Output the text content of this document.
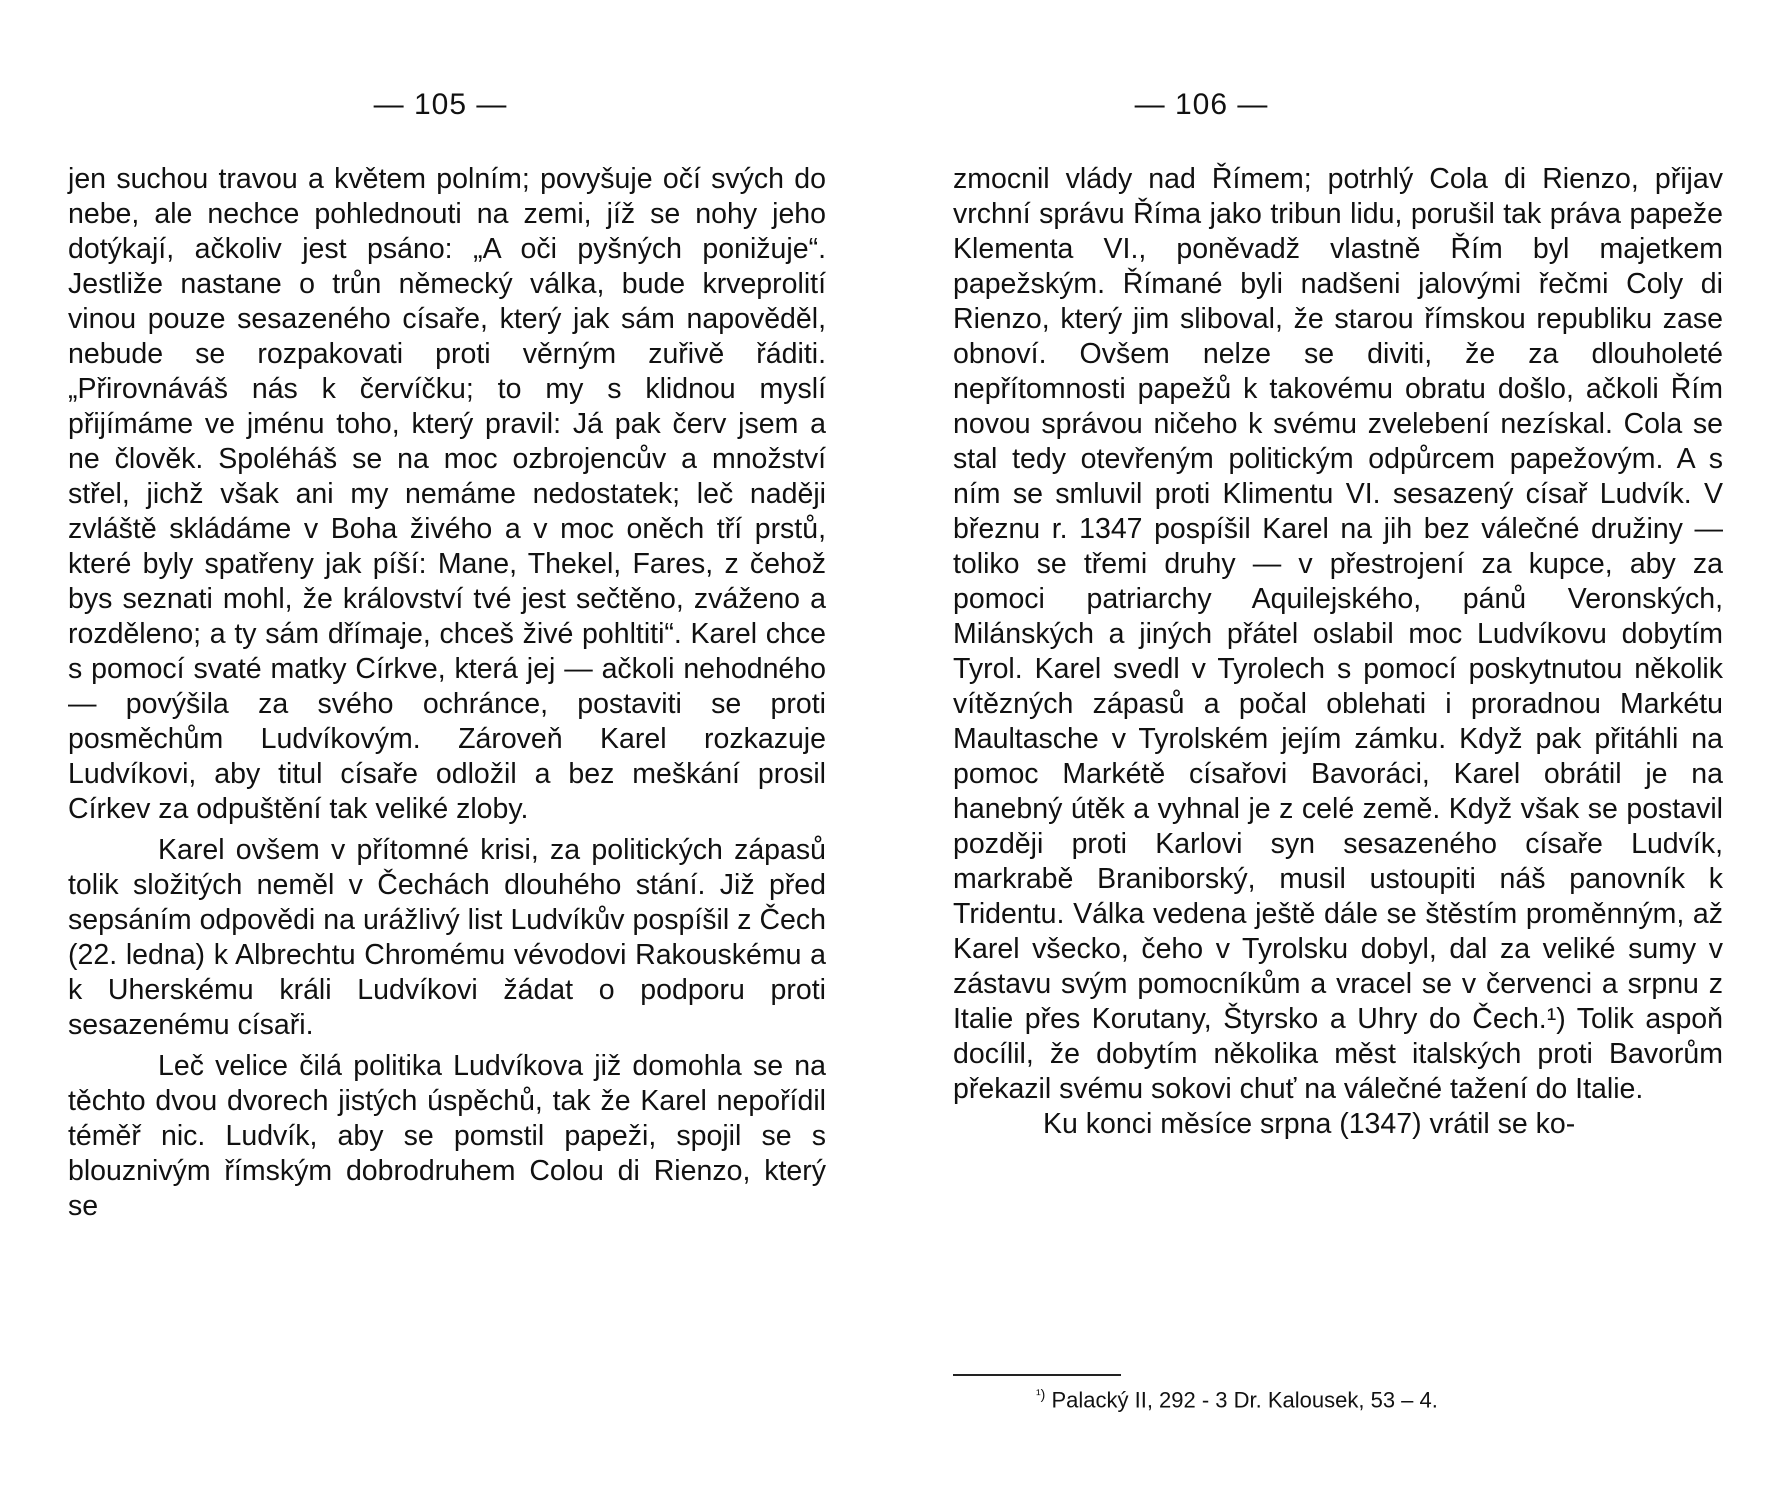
— 105 —

jen suchou travou a květem polním; povyšuje očí svých do nebe, ale nechce pohlednouti na zemi, jíž se nohy jeho dotýkají, ačkoliv jest psáno: „A oči pyšných ponižuje“. Jestliže nastane o trůn německý válka, bude krveprolití vinou pouze sesazeného císaře, který jak sám napověděl, nebude se rozpakovati proti věrným zuřivě řáditi. „Přirovnáváš nás k červíčku; to my s klidnou myslí přijímáme ve jménu toho, který pravil: Já pak červ jsem a ne člověk. Spoléháš se na moc ozbrojencův a množství střel, jichž však ani my nemáme nedostatek; leč naději zvláště skládáme v Boha živého a v moc oněch tří prstů, které byly spatřeny jak píší: Mane, Thekel, Fares, z čehož bys seznati mohl, že království tvé jest sečtěno, zváženo a rozděleno; a ty sám dřímaje, chceš živé pohltiti“. Karel chce s pomocí svaté matky Církve, která jej — ačkoli nehodného — povýšila za svého ochránce, postaviti se proti posměchům Ludvíkovým. Zároveň Karel rozkazuje Ludvíkovi, aby titul císaře odložil a bez meškání prosil Církev za odpuštění tak veliké zloby.

Karel ovšem v přítomné krisi, za politických zápasů tolik složitých neměl v Čechách dlouhého stání. Již před sepsáním odpovědi na urážlivý list Ludvíkův pospíšil z Čech (22. ledna) k Albrechtu Chromému vévodovi Rakouskému a k Uherskému králi Ludvíkovi žádat o podporu proti sesazenému císaři.

Leč velice čilá politika Ludvíkova již domohla se na těchto dvou dvorech jistých úspěchů, tak že Karel nepořídil téměř nic. Ludvík, aby se pomstil papeži, spojil se s blouznivým římským dobrodruhem Colou di Rienzo, který se

— 106 —

zmocnil vlády nad Římem; potrhlý Cola di Rienzo, přijav vrchní správu Říma jako tribun lidu, porušil tak práva papeže Klementa VI., poněvadž vlastně Řím byl majetkem papežským. Římané byli nadšeni jalovými řečmi Coly di Rienzo, který jim sliboval, že starou římskou republiku zase obnoví. Ovšem nelze se diviti, že za dlouholeté nepřítomnosti papežů k takovému obratu došlo, ačkoli Řím novou správou ničeho k svému zvelebení nezískal. Cola se stal tedy otevřeným politickým odpůrcem papežovým. A s ním se smluvil proti Klimentu VI. sesazený císař Ludvík. V březnu r. 1347 pospíšil Karel na jih bez válečné družiny — toliko se třemi druhy — v přestrojení za kupce, aby za pomoci patriarchy Aquilejského, pánů Veronských, Milánských a jiných přátel oslabil moc Ludvíkovu dobytím Tyrol. Karel svedl v Tyrolech s pomocí poskytnutou několik vítězných zápasů a počal oblehati i proradnou Markétu Maultasche v Tyrolském jejím zámku. Když pak přitáhli na pomoc Markétě císařovi Bavoráci, Karel obrátil je na hanebný útěk a vyhnal je z celé země. Když však se postavil později proti Karlovi syn sesazeného císaře Ludvík, markrabě Braniborský, musil ustoupiti náš panovník k Tridentu. Válka vedena ještě dále se štěstím proměnným, až Karel všecko, čeho v Tyrolsku dobyl, dal za veliké sumy v zástavu svým pomocníkům a vracel se v červenci a srpnu z Italie přes Korutany, Štyrsko a Uhry do Čech.¹) Tolik aspoň docílil, že dobytím několika měst italských proti Bavorům překazil svému sokovi chuť na válečné tažení do Italie.

Ku konci měsíce srpna (1347) vrátil se ko-

$^{^1)}$ Palacký II, 292 - 3 Dr. Kalousek, 53 – 4.
